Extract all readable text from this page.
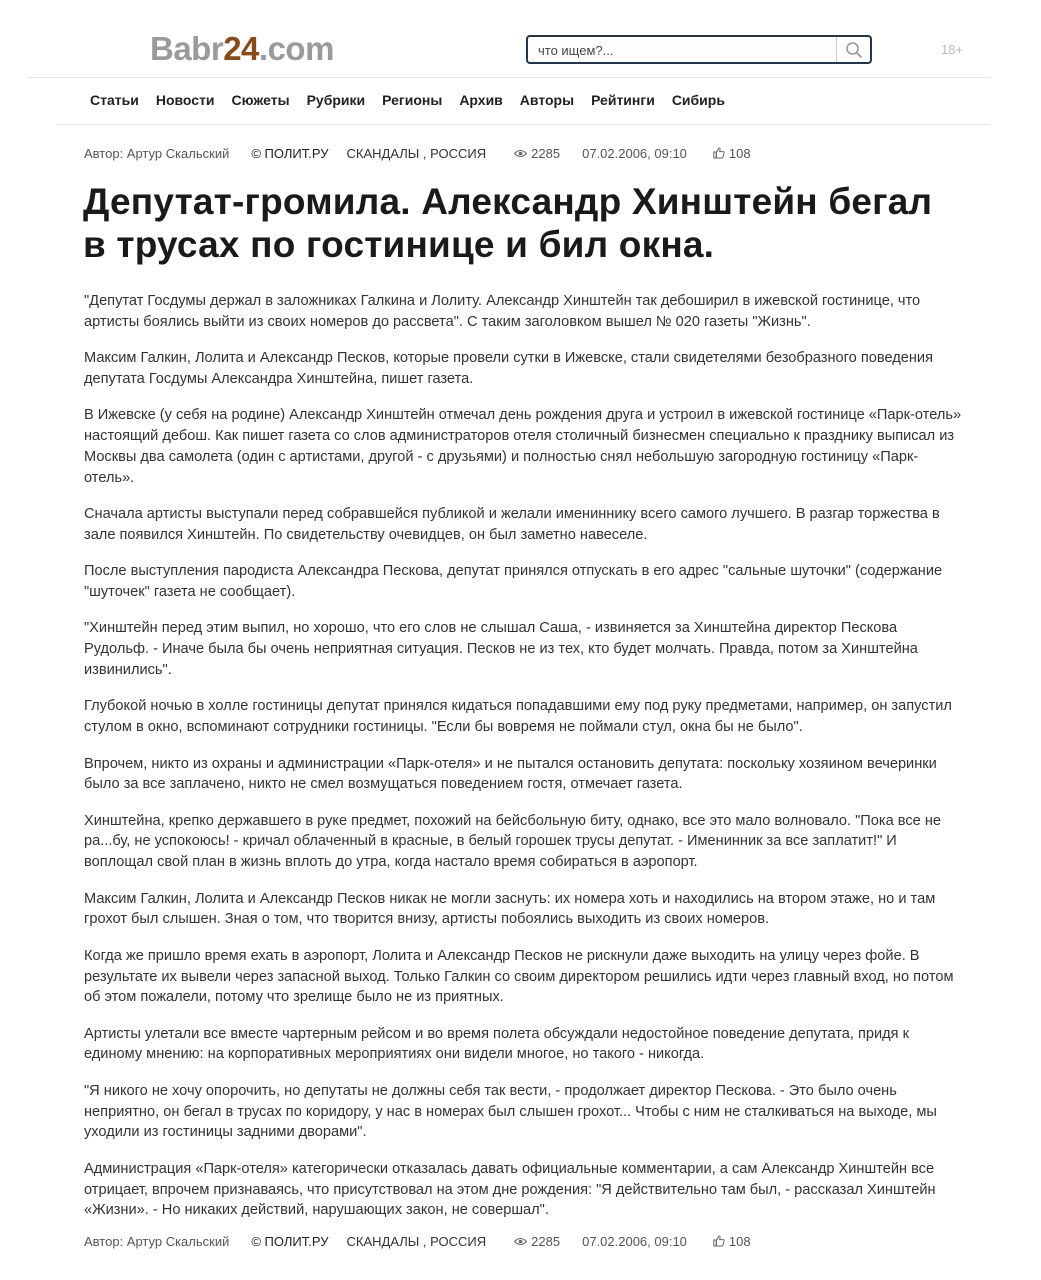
Babr24.com
что ищем?...	18+
Статьи Новости Сюжеты Рубрики Регионы Архив Авторы Рейтинги Сибирь
Автор: Артур Скальский © ПОЛИТ.РУ СКАНДАЛЫ , РОССИЯ	2285 07.02.2006, 09:10	108
Депутат-громила. Александр Хинштейн бегал в трусах по гостинице и бил окна.

"Депутат Госдумы держал в заложниках Галкина и Лолиту. Александр Хинштейн так дебоширил в ижевской гостинице, что артисты боялись выйти из своих номеров до рассвета". С таким заголовком вышел № 020 газеты "Жизнь".

Максим Галкин, Лолита и Александр Песков, которые провели сутки в Ижевске, стали свидетелями безобразного поведения депутата Госдумы Александра Хинштейна, пишет газета.

В Ижевске (у себя на родине) Александр Хинштейн отмечал день рождения друга и устроил в ижевской гостинице «Парк-отель» настоящий дебош. Как пишет газета со слов администраторов отеля столичный бизнесмен специально к празднику выписал из Москвы два самолета (один с артистами, другой - с друзьями) и полностью снял небольшую загородную гостиницу «Парк-отель».

Сначала артисты выступали перед собравшейся публикой и желали имениннику всего самого лучшего. В разгар торжества в зале появился Хинштейн. По свидетельству очевидцев, он был заметно навеселе.

После выступления пародиста Александра Пескова, депутат принялся отпускать в его адрес "сальные шуточки" (содержание "шуточек" газета не сообщает).

"Хинштейн перед этим выпил, но хорошо, что его слов не слышал Саша, - извиняется за Хинштейна директор Пескова Рудольф. - Иначе была бы очень неприятная ситуация. Песков не из тех, кто будет молчать. Правда, потом за Хинштейна извинились".

Глубокой ночью в холле гостиницы депутат принялся кидаться попадавшими ему под руку предметами, например, он запустил стулом в окно, вспоминают сотрудники гостиницы. "Если бы вовремя не поймали стул, окна бы не было".

Впрочем, никто из охраны и администрации «Парк-отеля» и не пытался остановить депутата: поскольку хозяином вечеринки было за все заплачено, никто не смел возмущаться поведением гостя, отмечает газета.

Хинштейна, крепко державшего в руке предмет, похожий на бейсбольную биту, однако, все это мало волновало. "Пока все не ра...бу, не успокоюсь! - кричал облаченный в красные, в белый горошек трусы депутат. - Именинник за все заплатит!" И воплощал свой план в жизнь вплоть до утра, когда настало время собираться в аэропорт.

Максим Галкин, Лолита и Александр Песков никак не могли заснуть: их номера хоть и находились на втором этаже, но и там грохот был слышен. Зная о том, что творится внизу, артисты побоялись выходить из своих номеров.

Когда же пришло время ехать в аэропорт, Лолита и Александр Песков не рискнули даже выходить на улицу через фойе. В результате их вывели через запасной выход. Только Галкин со своим директором решились идти через главный вход, но потом об этом пожалели, потому что зрелище было не из приятных.

Артисты улетали все вместе чартерным рейсом и во время полета обсуждали недостойное поведение депутата, придя к единому мнению: на корпоративных мероприятиях они видели многое, но такого - никогда.

"Я никого не хочу опорочить, но депутаты не должны себя так вести, - продолжает директор Пескова. - Это было очень неприятно, он бегал в трусах по коридору, у нас в номерах был слышен грохот... Чтобы с ним не сталкиваться на выходе, мы уходили из гостиницы задними дворами".

Администрация «Парк-отеля» категорически отказалась давать официальные комментарии, а сам Александр Хинштейн все отрицает, впрочем признаваясь, что присутствовал на этом дне рождения: "Я действительно там был, - рассказал Хинштейн «Жизни». - Но никаких действий, нарушающих закон, не совершал".

Автор: Артур Скальский © ПОЛИТ.РУ СКАНДАЛЫ , РОССИЯ	2285 07.02.2006, 09:10	108
